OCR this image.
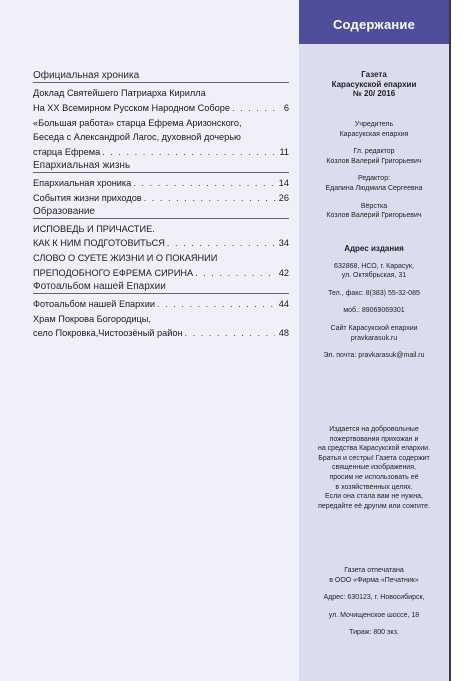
Официальная хроника
Доклад Святейшего Патриарха Кирилла
На XX Всемирном Русском Народном Соборе . . .	6
«Большая работа» старца Ефрема Аризонского,
Беседа с Александрой Лагос, духовной дочерью
старца Ефрема . . .	11
Епархиальная жизнь
Епархиальная хроника . . .	14
События жизни приходов . . .	26
Образование
ИСПОВЕДЬ И ПРИЧАСТИЕ.
КАК К НИМ ПОДГОТОВИТЬСЯ . . .	34
СЛОВО О СУЕТЕ ЖИЗНИ И О ПОКАЯНИИ
ПРЕПОДОБНОГО ЕФРЕМА СИРИНА . . .	42
Фотоальбом нашей Епархии
Фотоальбом нашей Епархии . . .	44
Храм Покрова Богородицы,
село Покровка,Чистоозёный район . . .	48
Содержание
Газета
Карасукской епархии
№ 20/ 2016
Учредитель
Карасукская епархия
Гл. редактор
Козлов Валерий Григорьевич
Редактор:
Едапина Людмила Сергеевна
Вёрстка
Козлов Валерий Григорьевич
Адрес издания
632868, НСО, г. Карасук,
ул. Октябрьская, 31
Тел., факс: 8(383) 55-32-085
моб.: 89069069301
Сайт Карасукской епархии
pravkarasuk.ru
Эл. почта: pravkarasuk@mail.ru
Издается на добровольные
пожертвования прихожан и
на средства Карасукской епархии.
Братья и сестры! Газета содержит
священные изображения,
просим не использовать её
в хозяйственных целях.
Если она стала вам не нужна,
передайте её другим или сожгите.
Газета отпечатана
в ООО «Фирма «Печатник»
Адрес: 630123, г. Новосибирск,
ул. Мочищенское шоссе, 18
Тираж: 800 экз.
